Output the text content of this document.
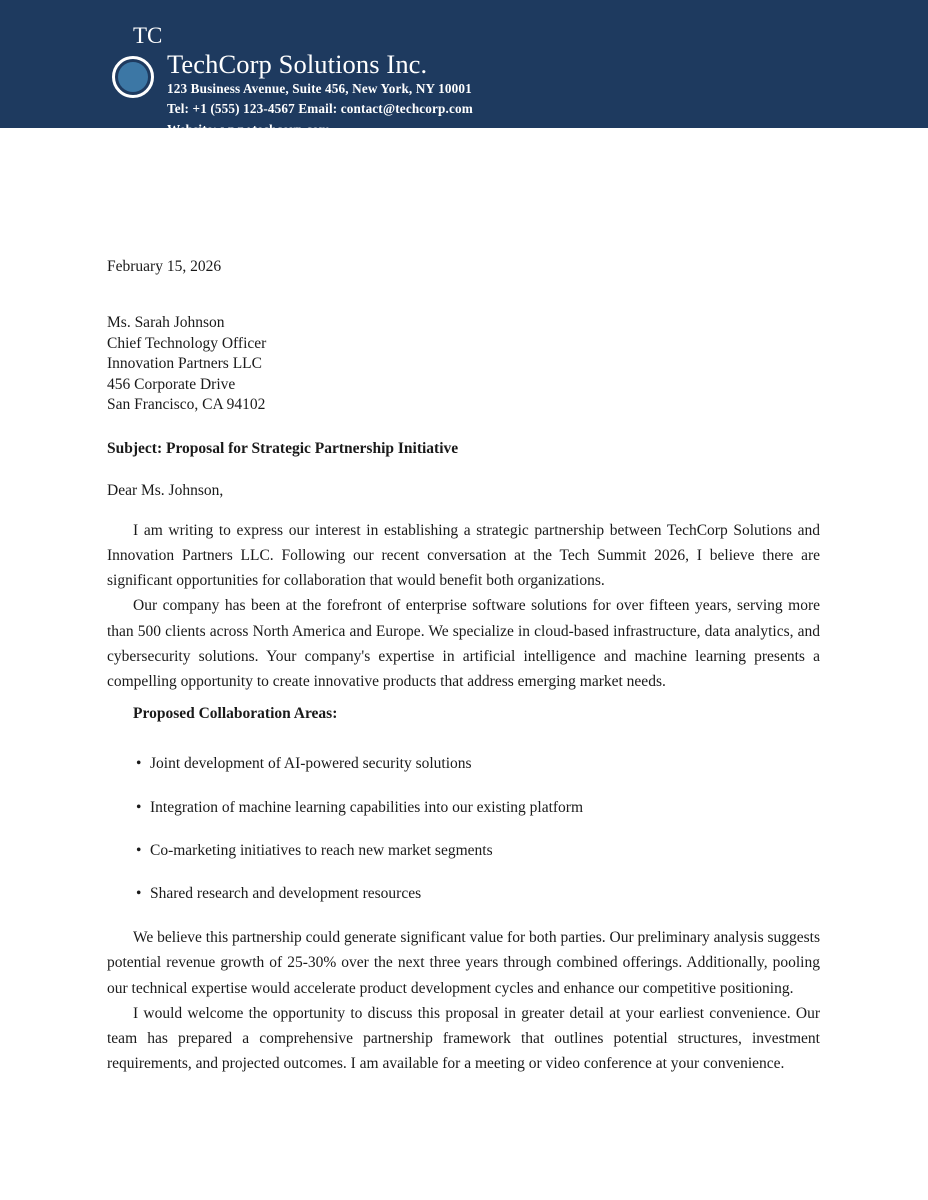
TC
TechCorp Solutions Inc.
123 Business Avenue, Suite 456, New York, NY 10001
Tel: +1 (555) 123-4567 Email: contact@techcorp.com
Website: www.techcorp.com
February 15, 2026
Ms. Sarah Johnson
Chief Technology Officer
Innovation Partners LLC
456 Corporate Drive
San Francisco, CA 94102
Subject: Proposal for Strategic Partnership Initiative
Dear Ms. Johnson,

I am writing to express our interest in establishing a strategic partnership between TechCorp Solutions and Innovation Partners LLC. Following our recent conversation at the Tech Summit 2026, I believe there are significant opportunities for collaboration that would benefit both organizations.

Our company has been at the forefront of enterprise software solutions for over fifteen years, serving more than 500 clients across North America and Europe. We specialize in cloud-based infrastructure, data analytics, and cybersecurity solutions. Your company's expertise in artificial intelligence and machine learning presents a compelling opportunity to create innovative products that address emerging market needs.

Proposed Collaboration Areas:
• Joint development of AI-powered security solutions
• Integration of machine learning capabilities into our existing platform
• Co-marketing initiatives to reach new market segments
• Shared research and development resources

We believe this partnership could generate significant value for both parties. Our preliminary analysis suggests potential revenue growth of 25-30% over the next three years through combined offerings. Additionally, pooling our technical expertise would accelerate product development cycles and enhance our competitive positioning.

I would welcome the opportunity to discuss this proposal in greater detail at your earliest convenience. Our team has prepared a comprehensive partnership framework that outlines potential structures, investment requirements, and projected outcomes. I am available for a meeting or video conference at your convenience.
